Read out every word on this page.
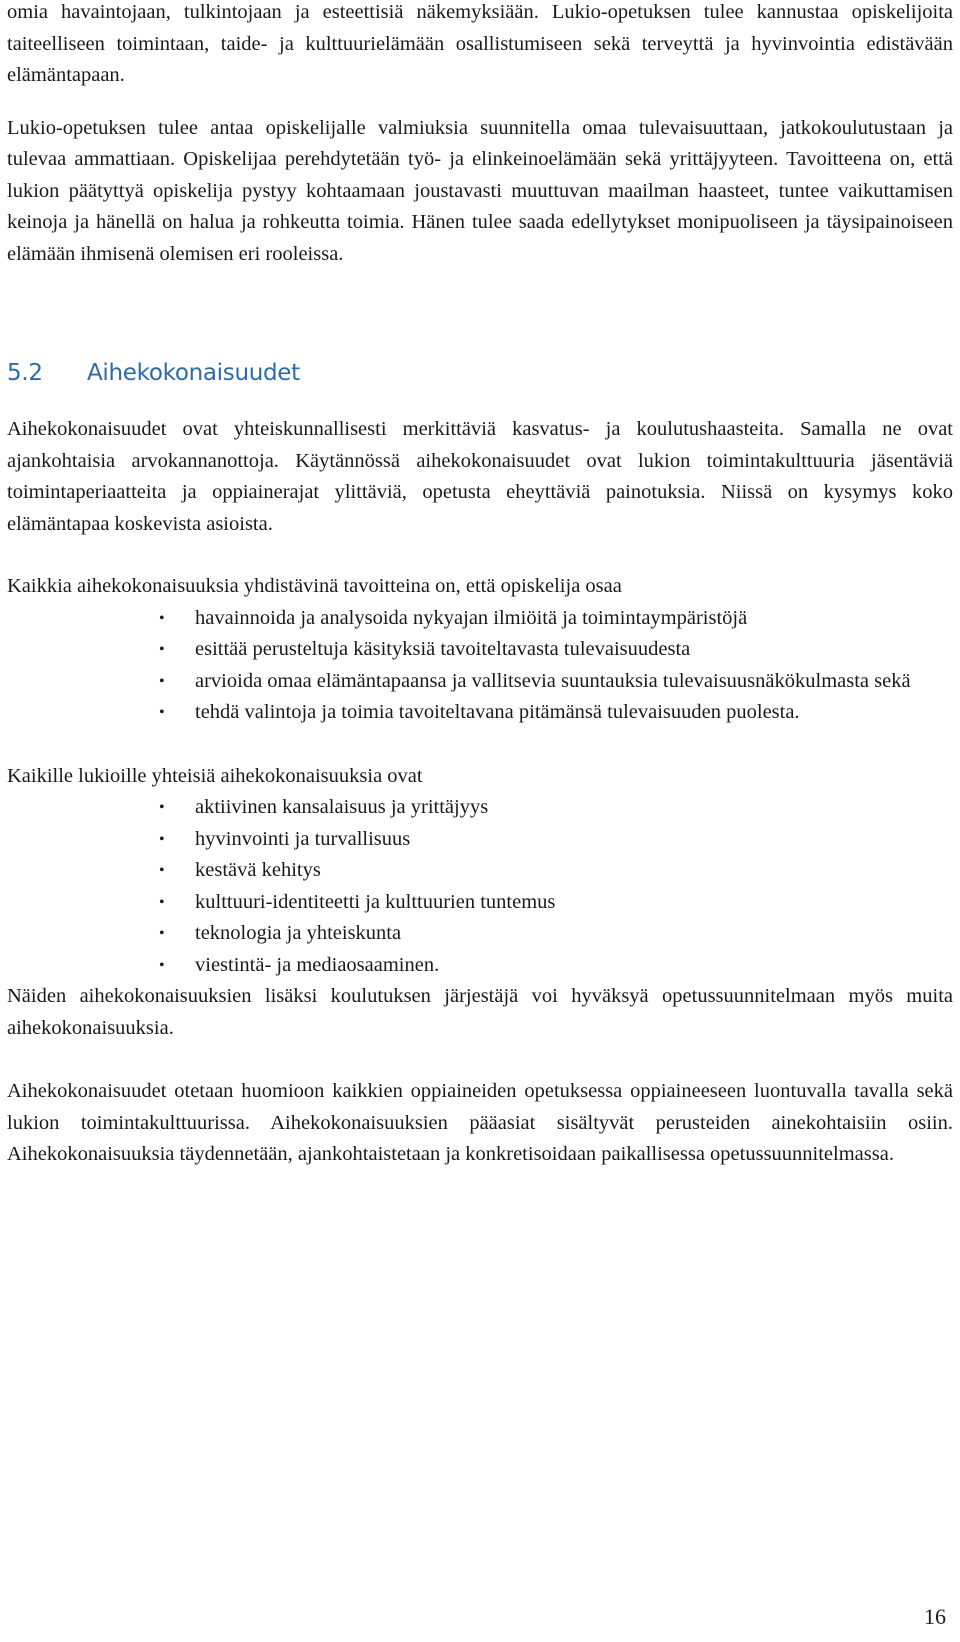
omia havaintojaan, tulkintojaan ja esteettisiä näkemyksiään. Lukio-opetuksen tulee kannustaa opiskelijoita taiteelliseen toimintaan, taide- ja kulttuurielämään osallistumiseen sekä terveyttä ja hyvinvointia edistävään elämäntapaan.

Lukio-opetuksen tulee antaa opiskelijalle valmiuksia suunnitella omaa tulevaisuuttaan, jatkokoulutustaan ja tulevaa ammattiaan. Opiskelijaa perehdytetään työ- ja elinkeinoelämään sekä yrittäjyyteen. Tavoitteena on, että lukion päätyttyä opiskelija pystyy kohtaamaan joustavasti muuttuvan maailman haasteet, tuntee vaikuttamisen keinoja ja hänellä on halua ja rohkeutta toimia. Hänen tulee saada edellytykset monipuoliseen ja täysipainoiseen elämään ihmisenä olemisen eri rooleissa.

5.2 Aihekokonaisuudet

Aihekokonaisuudet ovat yhteiskunnallisesti merkittäviä kasvatus- ja koulutushaasteita. Samalla ne ovat ajankohtaisia arvokannanottoja. Käytännössä aihekokonaisuudet ovat lukion toimintakulttuuria jäsentäviä toimintaperiaatteita ja oppiainerajat ylittäviä, opetusta eheyttäviä painotuksia. Niissä on kysymys koko elämäntapaa koskevista asioista.

Kaikkia aihekokonaisuuksia yhdistävinä tavoitteina on, että opiskelija osaa

• havainnoida ja analysoida nykyajan ilmiöitä ja toimintaympäristöjä
• esittää perusteltuja käsityksiä tavoiteltavasta tulevaisuudesta
• arvioida omaa elämäntapaansa ja vallitsevia suuntauksia tulevaisuusnäkökulmasta sekä
• tehdä valintoja ja toimia tavoiteltavana pitämänsä tulevaisuuden puolesta.

Kaikille lukioille yhteisiä aihekokonaisuuksia ovat

• aktiivinen kansalaisuus ja yrittäjyys
• hyvinvointi ja turvallisuus
• kestävä kehitys
• kulttuuri-identiteetti ja kulttuurien tuntemus
• teknologia ja yhteiskunta
• viestintä- ja mediaosaaminen.

Näiden aihekokonaisuuksien lisäksi koulutuksen järjestäjä voi hyväksyä opetussuunnitelmaan myös muita aihekokonaisuuksia.

Aihekokonaisuudet otetaan huomioon kaikkien oppiaineiden opetuksessa oppiaineeseen luontuvalla tavalla sekä lukion toimintakulttuurissa. Aihekokonaisuuksien pääasiat sisältyvät perusteiden ainekohtaisiin osiin. Aihekokonaisuuksia täydennetään, ajankohtaistetaan ja konkretisoidaan paikallisessa opetussuunnitelmassa.

16
